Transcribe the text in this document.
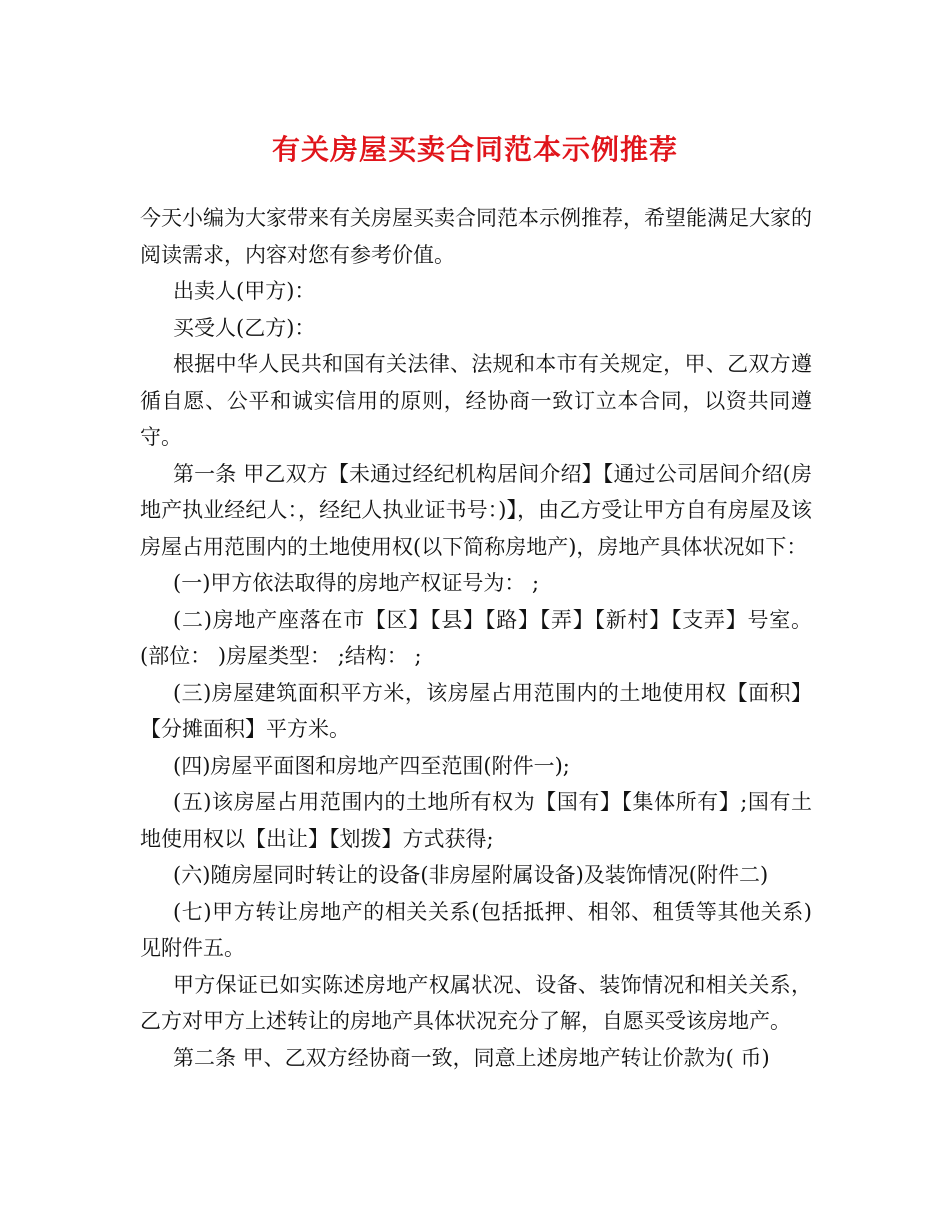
有关房屋买卖合同范本示例推荐

今天小编为大家带来有关房屋买卖合同范本示例推荐，希望能满足大家的阅读需求，内容对您有参考价值。

出卖人(甲方)：

买受人(乙方)：

根据中华人民共和国有关法律、法规和本市有关规定，甲、乙双方遵循自愿、公平和诚实信用的原则，经协商一致订立本合同，以资共同遵守。

第一条 甲乙双方【未通过经纪机构居间介绍】【通过公司居间介绍(房地产执业经纪人：，经纪人执业证书号：)】，由乙方受让甲方自有房屋及该房屋占用范围内的土地使用权(以下简称房地产)，房地产具体状况如下：

(一)甲方依法取得的房地产权证号为： ;

(二)房地产座落在市【区】【县】【路】【弄】【新村】【支弄】号室。(部位： )房屋类型： ;结构： ;

(三)房屋建筑面积平方米，该房屋占用范围内的土地使用权【面积】【分摊面积】平方米。

(四)房屋平面图和房地产四至范围(附件一);

(五)该房屋占用范围内的土地所有权为【国有】【集体所有】;国有土地使用权以【出让】【划拨】方式获得;

(六)随房屋同时转让的设备(非房屋附属设备)及装饰情况(附件二)

(七)甲方转让房地产的相关关系(包括抵押、相邻、租赁等其他关系)见附件五。

甲方保证已如实陈述房地产权属状况、设备、装饰情况和相关关系，乙方对甲方上述转让的房地产具体状况充分了解，自愿买受该房地产。

第二条 甲、乙双方经协商一致，同意上述房地产转让价款为( 币)
